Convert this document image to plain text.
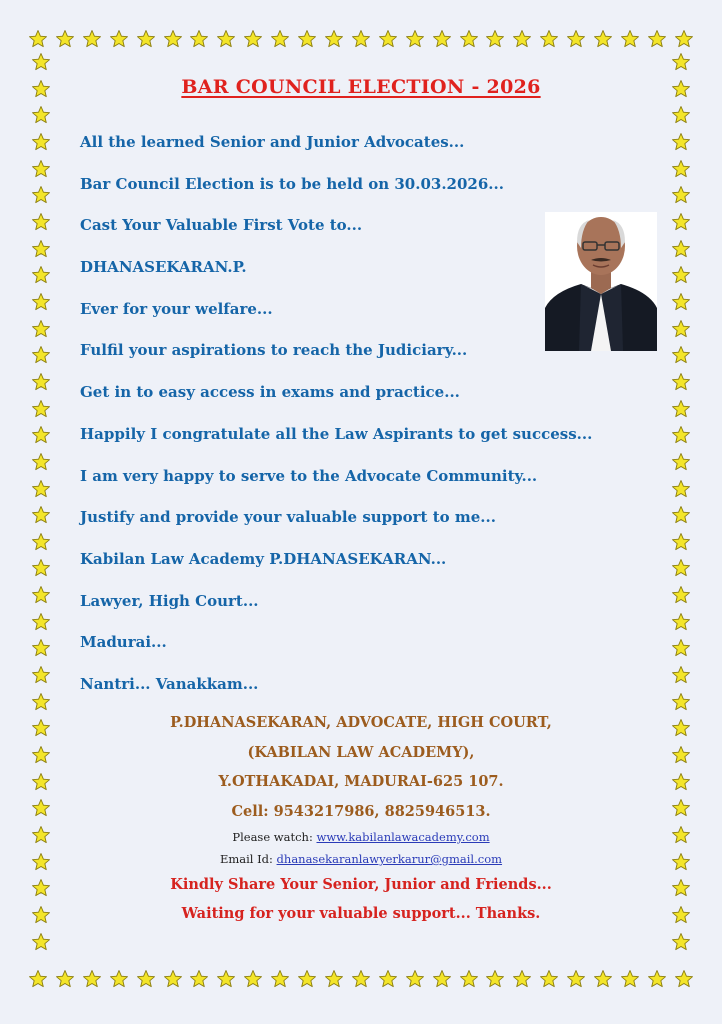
BAR COUNCIL ELECTION - 2026
All the learned Senior and Junior Advocates...
Bar Council Election is to be held on 30.03.2026...
Cast Your Valuable First Vote to...
DHANASEKARAN.P.
Ever for your welfare...
Fulfil your aspirations to reach the Judiciary...
Get in to easy access in exams and practice...
Happily I congratulate all the Law Aspirants to get success...
I am very happy to serve to the Advocate Community...
Justify and provide your valuable support to me...
Kabilan Law Academy P.DHANASEKARAN...
Lawyer, High Court...
Madurai...
Nantri... Vanakkam...
P.DHANASEKARAN, ADVOCATE, HIGH COURT,
(KABILAN LAW ACADEMY),
Y.OTHAKADAI, MADURAI-625 107.
Cell: 9543217986, 8825946513.
Please watch: www.kabilanlawacademy.com
Email Id: dhanasekaranlawyerkarur@gmail.com
Kindly Share Your Senior, Junior and Friends...
Waiting for your valuable support... Thanks.
